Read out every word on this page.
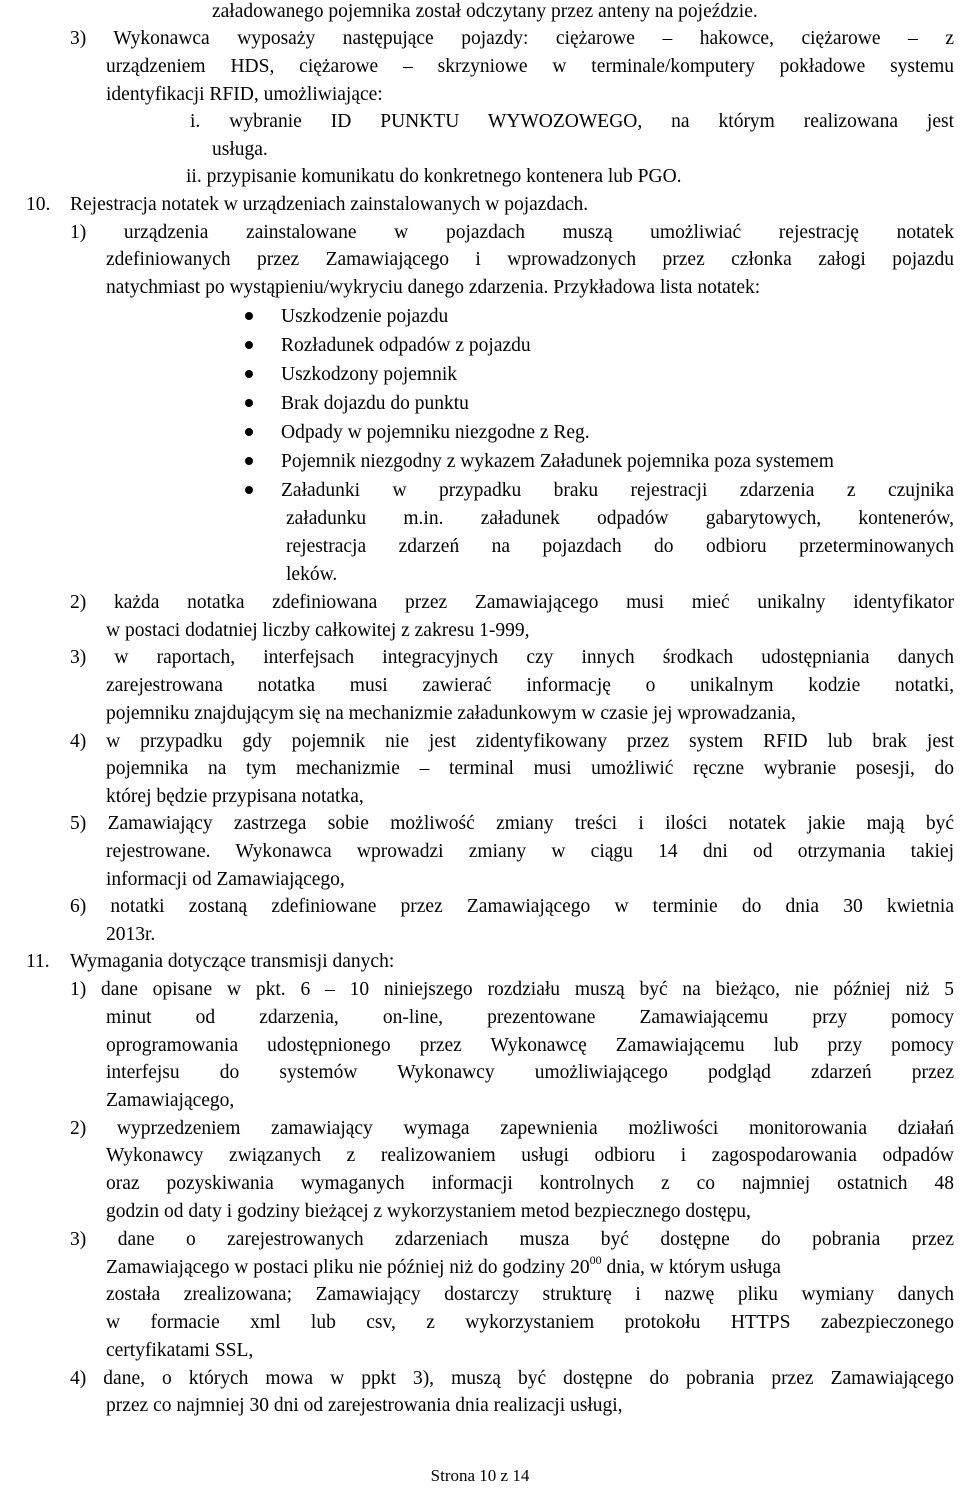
załadowanego pojemnika został odczytany przez anteny na pojeździe.
3) Wykonawca wyposaży następujące pojazdy: ciężarowe – hakowce, ciężarowe – z
urządzeniem HDS, ciężarowe – skrzyniowe w terminale/komputery pokładowe systemu
identyfikacji RFID, umożliwiające:
i. wybranie ID PUNKTU WYWOZOWEGO, na którym realizowana jest
usługa.
ii. przypisanie komunikatu do konkretnego kontenera lub PGO.
10. Rejestracja notatek w urządzeniach zainstalowanych w pojazdach.
1) urządzenia zainstalowane w pojazdach muszą umożliwiać rejestrację notatek
zdefiniowanych przez Zamawiającego i wprowadzonych przez członka załogi pojazdu
natychmiast po wystąpieniu/wykryciu danego zdarzenia. Przykładowa lista notatek:
Uszkodzenie pojazdu
Rozładunek odpadów z pojazdu
Uszkodzony pojemnik
Brak dojazdu do punktu
Odpady w pojemniku niezgodne z Reg.
Pojemnik niezgodny z wykazem Załadunek pojemnika poza systemem
Załadunki w przypadku braku rejestracji zdarzenia z czujnika
załadunku m.in. załadunek odpadów gabarytowych, kontenerów,
rejestracja zdarzeń na pojazdach do odbioru przeterminowanych
leków.
2) każda notatka zdefiniowana przez Zamawiającego musi mieć unikalny identyfikator
w postaci dodatniej liczby całkowitej z zakresu 1-999,
3) w raportach, interfejsach integracyjnych czy innych środkach udostępniania danych
zarejestrowana notatka musi zawierać informację o unikalnym kodzie notatki,
pojemniku znajdującym się na mechanizmie załadunkowym w czasie jej wprowadzania,
4) w przypadku gdy pojemnik nie jest zidentyfikowany przez system RFID lub brak jest
pojemnika na tym mechanizmie – terminal musi umożliwić ręczne wybranie posesji, do
której będzie przypisana notatka,
5) Zamawiający zastrzega sobie możliwość zmiany treści i ilości notatek jakie mają być
rejestrowane. Wykonawca wprowadzi zmiany w ciągu 14 dni od otrzymania takiej
informacji od Zamawiającego,
6) notatki zostaną zdefiniowane przez Zamawiającego w terminie do dnia 30 kwietnia
2013r.
11. Wymagania dotyczące transmisji danych:
1) dane opisane w pkt. 6 – 10 niniejszego rozdziału muszą być na bieżąco, nie później niż 5
minut od zdarzenia, on-line, prezentowane Zamawiającemu przy pomocy
oprogramowania udostępnionego przez Wykonawcę Zamawiającemu lub przy pomocy
interfejsu do systemów Wykonawcy umożliwiającego podgląd zdarzeń przez
Zamawiającego,
2) wyprzedzeniem zamawiający wymaga zapewnienia możliwości monitorowania działań
Wykonawcy związanych z realizowaniem usługi odbioru i zagospodarowania odpadów
oraz pozyskiwania wymaganych informacji kontrolnych z co najmniej ostatnich 48
godzin od daty i godziny bieżącej z wykorzystaniem metod bezpiecznego dostępu,
3) dane o zarejestrowanych zdarzeniach musza być dostępne do pobrania przez
Zamawiającego w postaci pliku nie później niż do godziny $20^{00}$ dnia, w którym usługa
została zrealizowana; Zamawiający dostarczy strukturę i nazwę pliku wymiany danych
w formacie xml lub csv, z wykorzystaniem protokołu HTTPS zabezpieczonego
certyfikatami SSL,
4) dane, o których mowa w ppkt 3), muszą być dostępne do pobrania przez Zamawiającego
przez co najmniej 30 dni od zarejestrowania dnia realizacji usługi,
Strona 10 z 14
